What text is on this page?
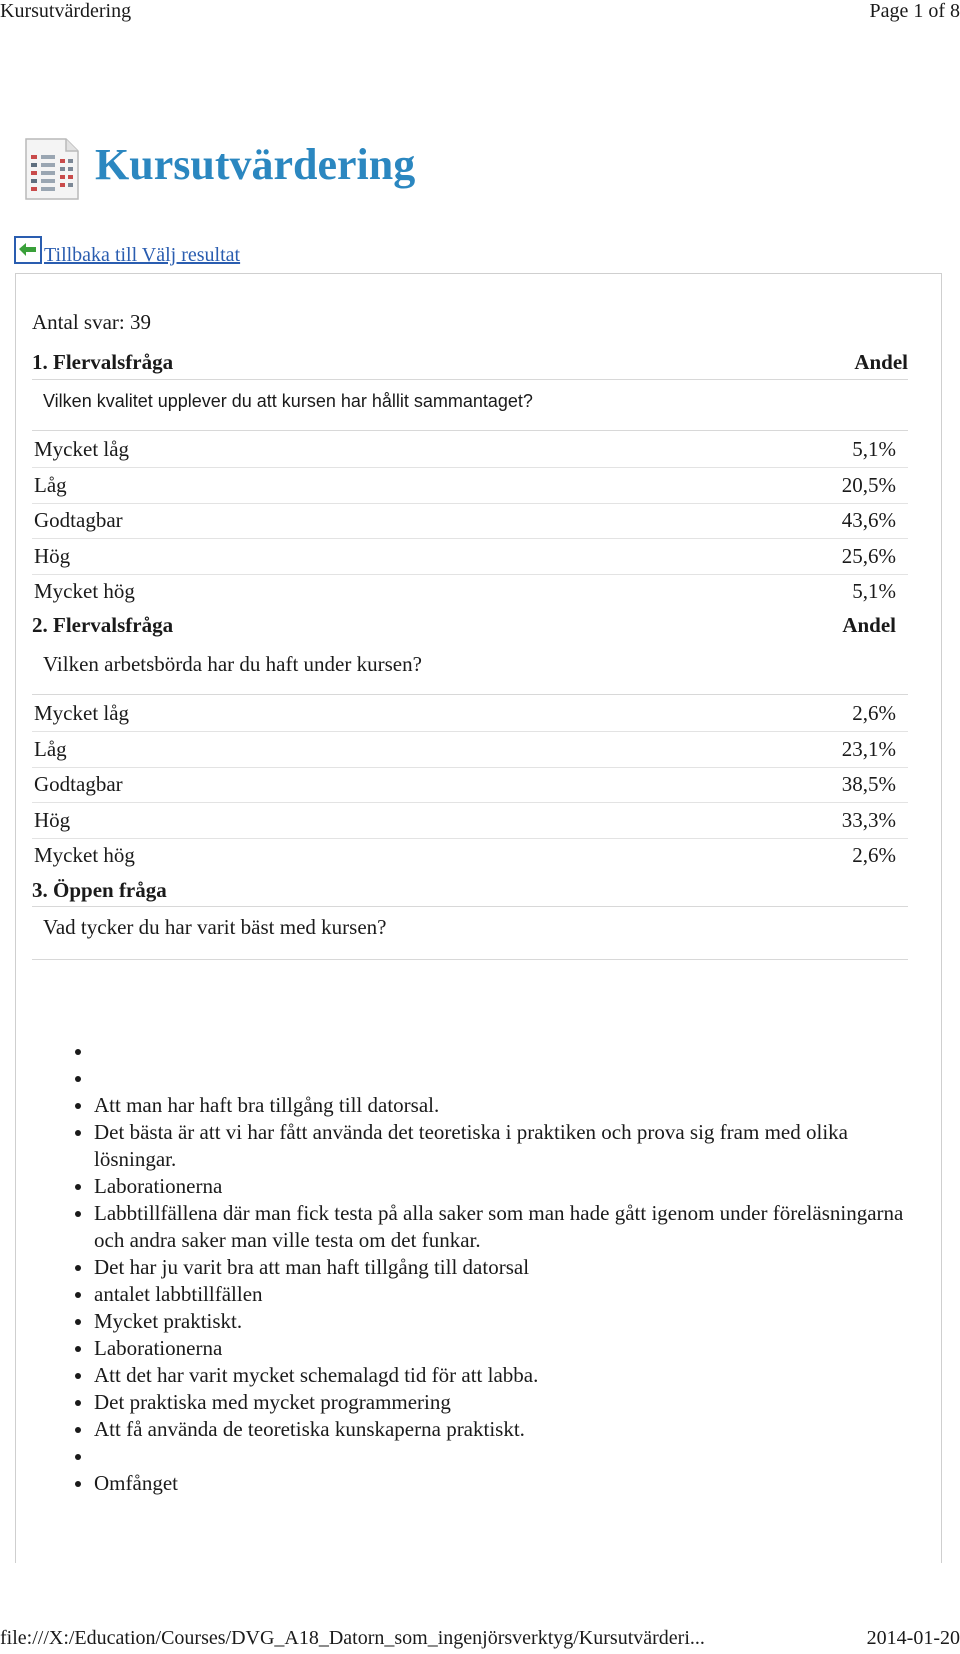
Kursutvärdering	Page 1 of 8
Kursutvärdering
Tillbaka till Välj resultat
Antal svar: 39
1. Flervalsfråga	Andel
Vilken kvalitet upplever du att kursen har hållit sammantaget?
Mycket låg	5,1%
Låg	20,5%
Godtagbar	43,6%
Hög	25,6%
Mycket hög	5,1%
2. Flervalsfråga	Andel
Vilken arbetsbörda har du haft under kursen?
Mycket låg	2,6%
Låg	23,1%
Godtagbar	38,5%
Hög	33,3%
Mycket hög	2,6%
3. Öppen fråga
Vad tycker du har varit bäst med kursen?
•
•
• Att man har haft bra tillgång till datorsal.
• Det bästa är att vi har fått använda det teoretiska i praktiken och prova sig fram med olika lösningar.
• Laborationerna
• Labbtillfällena där man fick testa på alla saker som man hade gått igenom under föreläsningarna och andra saker man ville testa om det funkar.
• Det har ju varit bra att man haft tillgång till datorsal
• antalet labbtillfällen
• Mycket praktiskt.
• Laborationerna
• Att det har varit mycket schemalagd tid för att labba.
• Det praktiska med mycket programmering
• Att få använda de teoretiska kunskaperna praktiskt.
•
• Omfånget
file:///X:/Education/Courses/DVG_A18_Datorn_som_ingenjörsverktyg/Kursutvärderi...	2014-01-20
